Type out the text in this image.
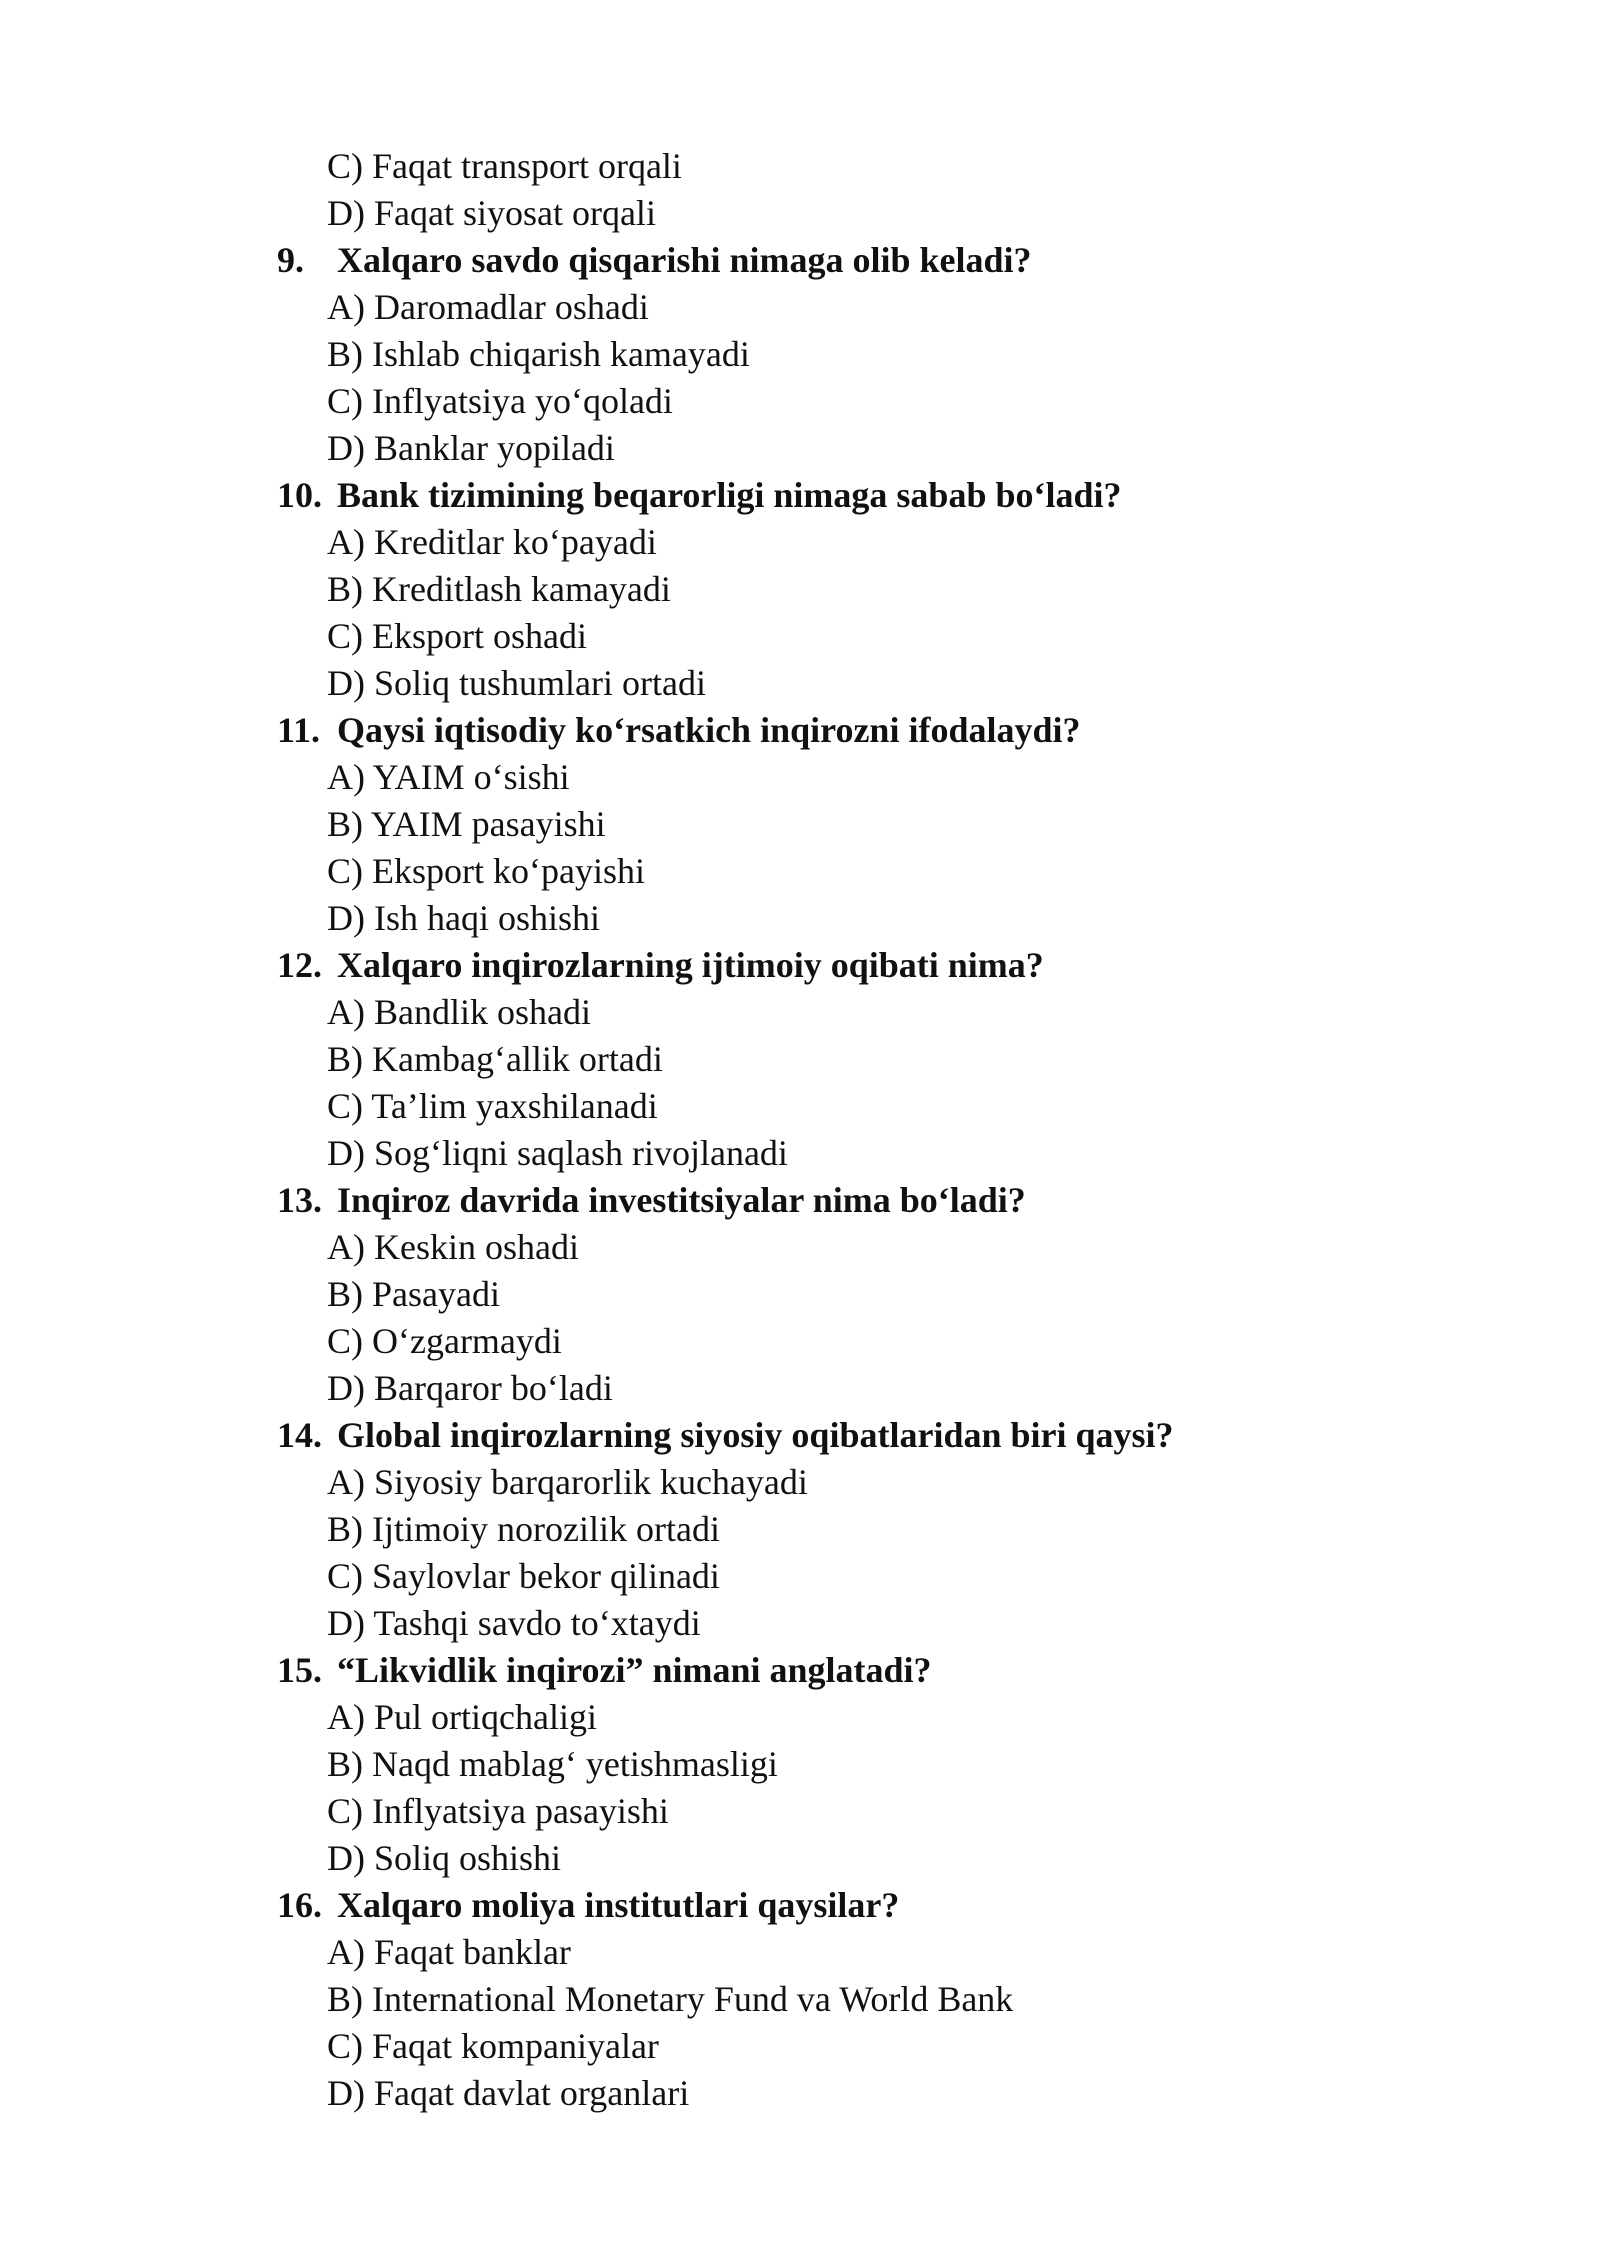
C) Faqat transport orqali
D) Faqat siyosat orqali
9. Xalqaro savdo qisqarishi nimaga olib keladi?
A) Daromadlar oshadi
B) Ishlab chiqarish kamayadi
C) Inflyatsiya yo‘qoladi
D) Banklar yopiladi
10. Bank tizimining beqarorligi nimaga sabab bo‘ladi?
A) Kreditlar ko‘payadi
B) Kreditlash kamayadi
C) Eksport oshadi
D) Soliq tushumlari ortadi
11. Qaysi iqtisodiy ko‘rsatkich inqirozni ifodalaydi?
A) YAIM o‘sishi
B) YAIM pasayishi
C) Eksport ko‘payishi
D) Ish haqi oshishi
12. Xalqaro inqirozlarning ijtimoiy oqibati nima?
A) Bandlik oshadi
B) Kambag‘allik ortadi
C) Ta’lim yaxshilanadi
D) Sog‘liqni saqlash rivojlanadi
13. Inqiroz davrida investitsiyalar nima bo‘ladi?
A) Keskin oshadi
B) Pasayadi
C) O‘zgarmaydi
D) Barqaror bo‘ladi
14. Global inqirozlarning siyosiy oqibatlaridan biri qaysi?
A) Siyosiy barqarorlik kuchayadi
B) Ijtimoiy norozilik ortadi
C) Saylovlar bekor qilinadi
D) Tashqi savdo to‘xtaydi
15. “Likvidlik inqirozi” nimani anglatadi?
A) Pul ortiqchaligi
B) Naqd mablag‘ yetishmasligi
C) Inflyatsiya pasayishi
D) Soliq oshishi
16. Xalqaro moliya institutlari qaysilar?
A) Faqat banklar
B) International Monetary Fund va World Bank
C) Faqat kompaniyalar
D) Faqat davlat organlari
